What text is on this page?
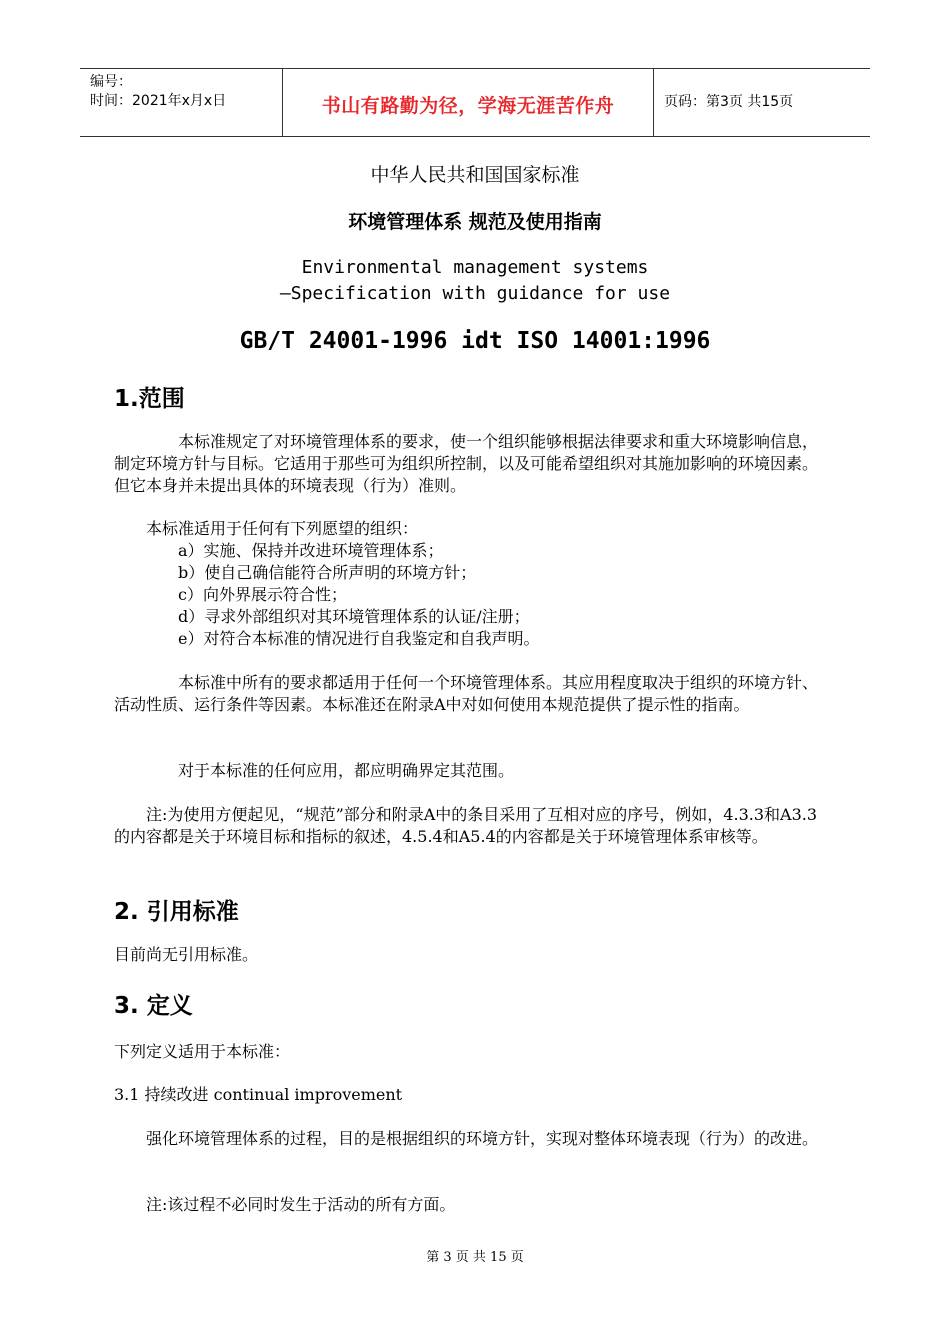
编号：
时间：2021年x月x日	书山有路勤为径，学海无涯苦作舟	页码：第3页 共15页
中华人民共和国国家标准
环境管理体系 规范及使用指南
Environmental management systems
—Specification with guidance for use
GB/T 24001-1996 idt ISO 14001:1996
1.范围
本标准规定了对环境管理体系的要求，使一个组织能够根据法律要求和重大环境影响信息，制定环境方针与目标。它适用于那些可为组织所控制，以及可能希望组织对其施加影响的环境因素。但它本身并未提出具体的环境表现（行为）准则。
本标准适用于任何有下列愿望的组织：
a）实施、保持并改进环境管理体系；
b）使自己确信能符合所声明的环境方针；
c）向外界展示符合性；
d）寻求外部组织对其环境管理体系的认证/注册；
e）对符合本标准的情况进行自我鉴定和自我声明。
本标准中所有的要求都适用于任何一个环境管理体系。其应用程度取决于组织的环境方针、活动性质、运行条件等因素。本标准还在附录A中对如何使用本规范提供了提示性的指南。
对于本标准的任何应用，都应明确界定其范围。
注:为使用方便起见，“规范”部分和附录A中的条目采用了互相对应的序号，例如，4.3.3和A3.3的内容都是关于环境目标和指标的叙述，4.5.4和A5.4的内容都是关于环境管理体系审核等。
2. 引用标准
目前尚无引用标准。
3. 定义
下列定义适用于本标准：
3.1 持续改进 continual improvement
强化环境管理体系的过程，目的是根据组织的环境方针，实现对整体环境表现（行为）的改进。
注:该过程不必同时发生于活动的所有方面。
第 3 页 共 15 页
